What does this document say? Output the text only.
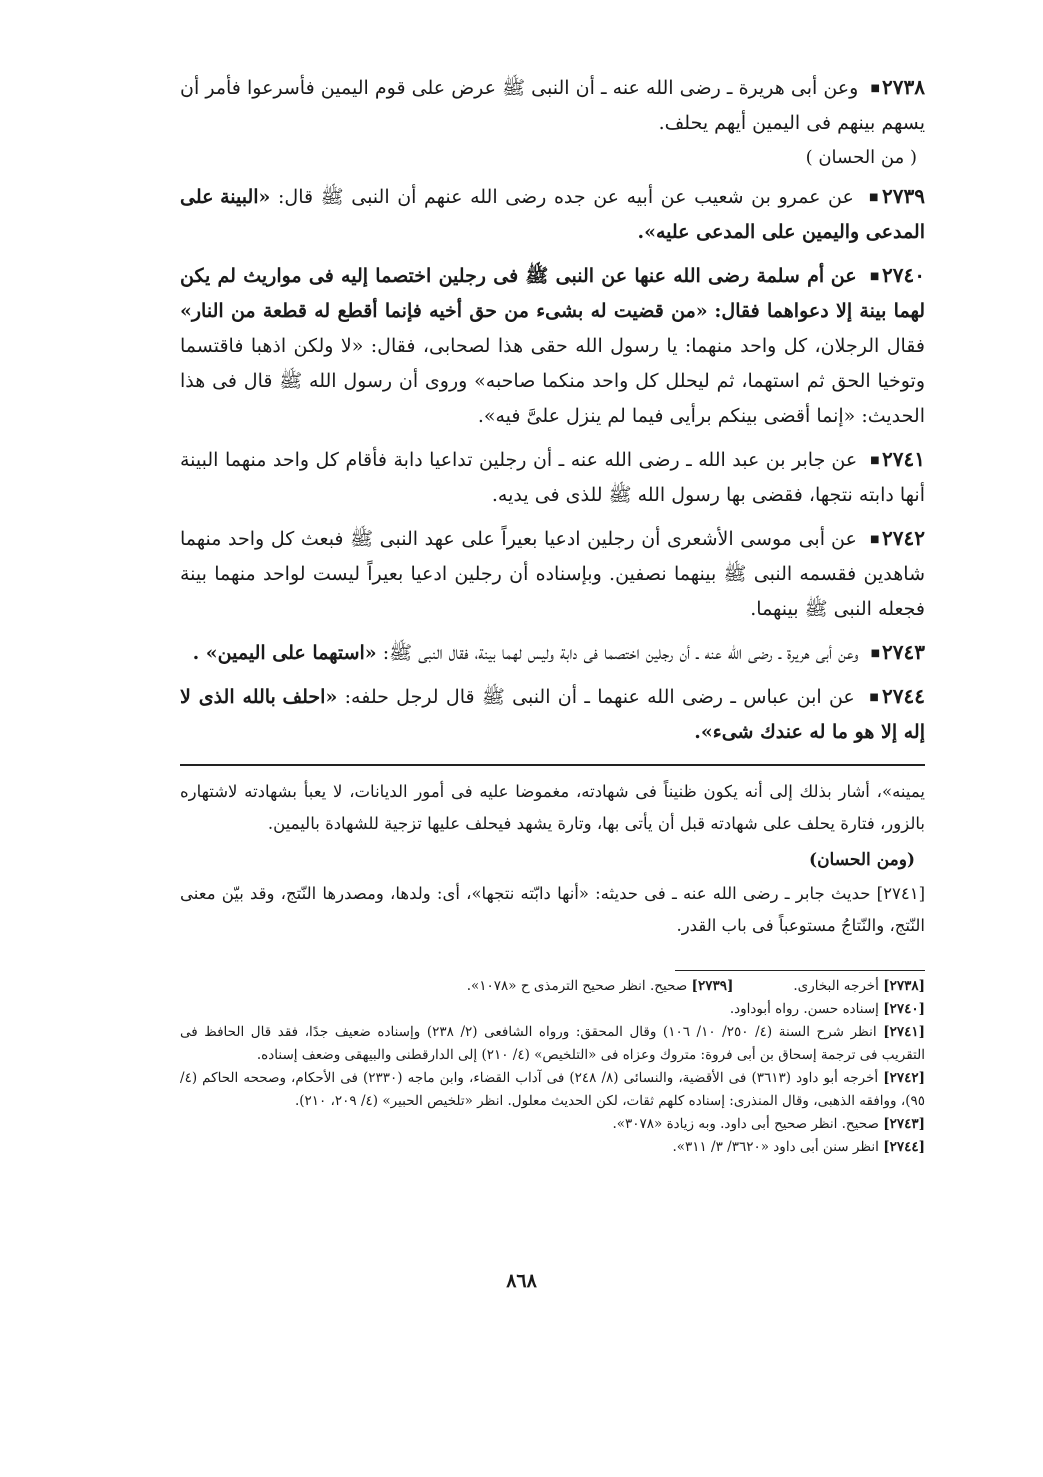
٢٧٣٨ ■ وعن أبى هريرة ـ رضى الله عنه ـ أن النبى ﷺ عرض على قوم اليمين فأسرعوا فأمر أن يسهم بينهم فى اليمين أيهم يحلف.

( من الحسان )

٢٧٣٩ ■ عن عمرو بن شعيب عن أبيه عن جده رضى الله عنهم أن النبى ﷺ قال: «البينة على المدعى واليمين على المدعى عليه».

٢٧٤٠ ■ عن أم سلمة رضى الله عنها عن النبى ﷺ فى رجلين اختصما إليه فى مواريث لم يكن لهما بينة إلا دعواهما فقال: «من قضيت له بشىء من حق أخيه فإنما أقطع له قطعة من النار» فقال الرجلان، كل واحد منهما: يا رسول الله حقى هذا لصحابى، فقال: «لا ولكن اذهبا فاقتسما وتوخيا الحق ثم استهما، ثم ليحلل كل واحد منكما صاحبه» وروى أن رسول الله ﷺ قال فى هذا الحديث: «إنما أقضى بينكم برأيى فيما لم ينزل علىَّ فيه».

٢٧٤١ ■ عن جابر بن عبد الله ـ رضى الله عنه ـ أن رجلين تداعيا دابة فأقام كل واحد منهما البينة أنها دابته نتجها، فقضى بها رسول الله ﷺ للذى فى يديه.

٢٧٤٢ ■ عن أبى موسى الأشعرى أن رجلين ادعيا بعيراً على عهد النبى ﷺ فبعث كل واحد منهما شاهدين فقسمه النبى ﷺ بينهما نصفين. وبإسناده أن رجلين ادعيا بعيراً ليست لواحد منهما بينة فجعله النبى ﷺ بينهما.

٢٧٤٣ ■ وعن أبى هريرة ـ رضى الله عنه ـ أن رجلين اختصما فى دابة وليس لهما بينة، فقال النبى ﷺ: «استهما على اليمين» .

٢٧٤٤ ■ عن ابن عباس ـ رضى الله عنهما ـ أن النبى ﷺ قال لرجل حلفه: «احلف بالله الذى لا إله إلا هو ما له عندك شىء».

يمينه»، أشار بذلك إلى أنه يكون ظنيناً فى شهادته، مغموضا عليه فى أمور الديانات، لا يعبأ بشهادته لاشتهاره بالزور، فتارة يحلف على شهادته قبل أن يأتى بها، وتارة يشهد فيحلف عليها تزجية للشهادة باليمين.

(ومن الحسان)

[٢٧٤١] حديث جابر ـ رضى الله عنه ـ فى حديثه: «أنها دابّته نتجها»، أى: ولدها، ومصدرها النّتج، وقد بيّن معنى النّتج، والنّتاجُ مستوعباً فى باب القدر.

[٢٧٣٨] أخرجه البخارى.

[٢٧٣٩] صحيح. انظر صحيح الترمذى ح «١٠٧٨».

[٢٧٤٠] إسناده حسن. رواه أبوداود.

[٢٧٤١] انظر شرح السنة (٤/ ٢٥٠/ ١٠/ ١٠٦) وقال المحقق: ورواه الشافعى (٢/ ٢٣٨) وإسناده ضعيف جدًا، فقد قال الحافظ فى التقريب فى ترجمة إسحاق بن أبى فروة: متروك وعزاه فى «التلخيص» (٤/ ٢١٠) إلى الدارقطنى والبيهقى وضعف إسناده.

[٢٧٤٢] أخرجه أبو داود (٣٦١٣) فى الأقضية، والنسائى (٨/ ٢٤٨) فى آداب القضاء، وابن ماجه (٢٣٣٠) فى الأحكام، وصححه الحاكم (٤/ ٩٥)، ووافقه الذهبى، وقال المنذرى: إسناده كلهم ثقات، لكن الحديث معلول. انظر «تلخيص الحبير» (٤/ ٢٠٩، ٢١٠).

[٢٧٤٣] صحيح. انظر صحيح أبى داود. وبه زيادة «٣٠٧٨».

[٢٧٤٤] انظر سنن أبى داود «٣٦٢٠/ ٣/ ٣١١».

٨٦٨
